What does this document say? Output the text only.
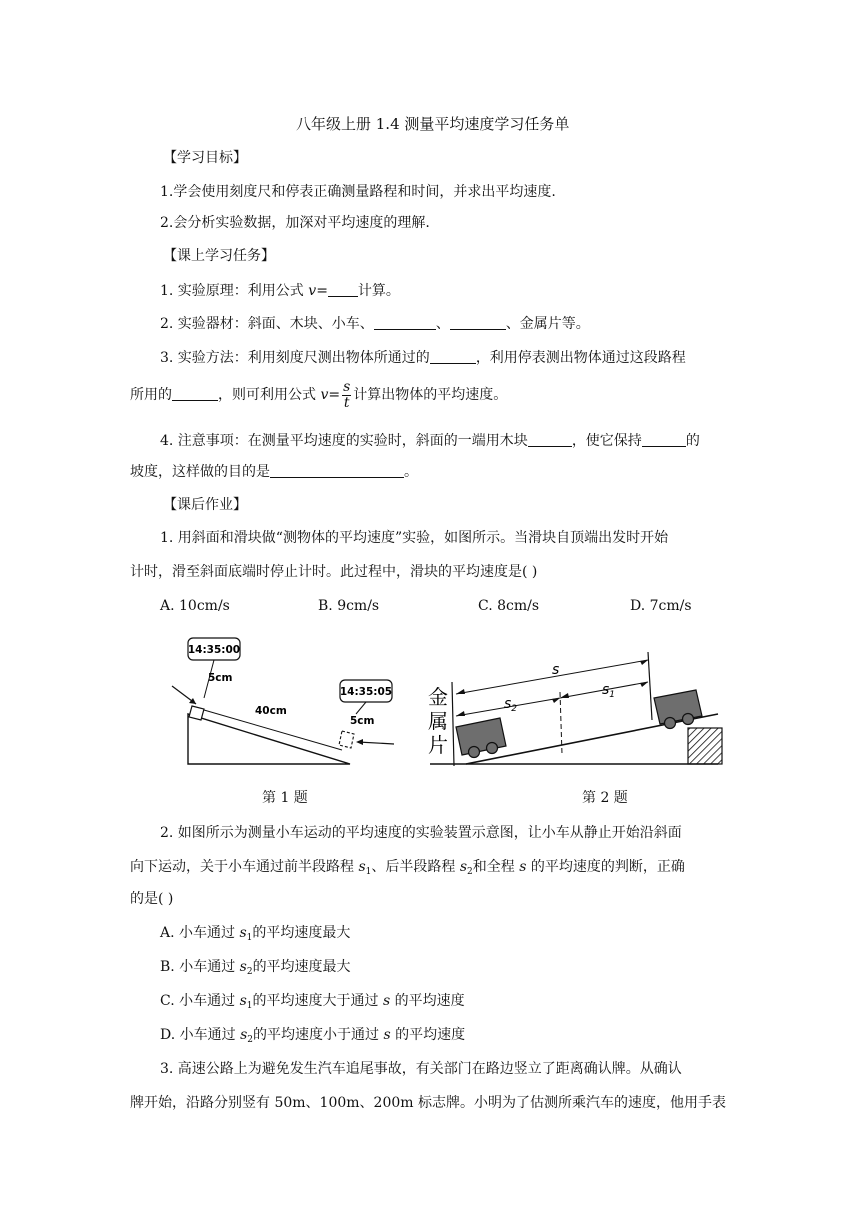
八年级上册 1.4 测量平均速度学习任务单
【学习目标】
1.学会使用刻度尺和停表正确测量路程和时间，并求出平均速度.
2.会分析实验数据，加深对平均速度的理解.
【课上学习任务】
1. 实验原理：利用公式 v= 计算。
2. 实验器材：斜面、木块、小车、	、	、金属片等。
3. 实验方法：利用刻度尺测出物体所通过的	，利用停表测出物体通过这段路程
所用的	，则可利用公式 $v= \frac{s}{t}$ 计算出物体的平均速度。
4. 注意事项：在测量平均速度的实验时，斜面的一端用木块	，使它保持	的
坡度，这样做的目的是	。
【课后作业】
1. 用斜面和滑块做“测物体的平均速度”实验，如图所示。当滑块自顶端出发时开始
计时，滑至斜面底端时停止计时。此过程中，滑块的平均速度是( )
A. 10cm/s	B. 9cm/s	C. 8cm/s	D. 7cm/s
14:35:00
5cm
40cm
14:35:05
5cm
金
属
片
s
$s_2$
$s_1$
第 1 题	第 2 题
2. 如图所示为测量小车运动的平均速度的实验装置示意图，让小车从静止开始沿斜面
向下运动，关于小车通过前半段路程 $s_1$、后半段路程 $s_2$和全程 s 的平均速度的判断，正确
的是( )
A. 小车通过 $s_1$的平均速度最大
B. 小车通过 $s_2$的平均速度最大
C. 小车通过 $s_1$的平均速度大于通过 s 的平均速度
D. 小车通过 $s_2$的平均速度小于通过 s 的平均速度
3. 高速公路上为避免发生汽车追尾事故，有关部门在路边竖立了距离确认牌。从确认
牌开始，沿路分别竖有 50m、100m、200m 标志牌。小明为了估测所乘汽车的速度，他用手表
